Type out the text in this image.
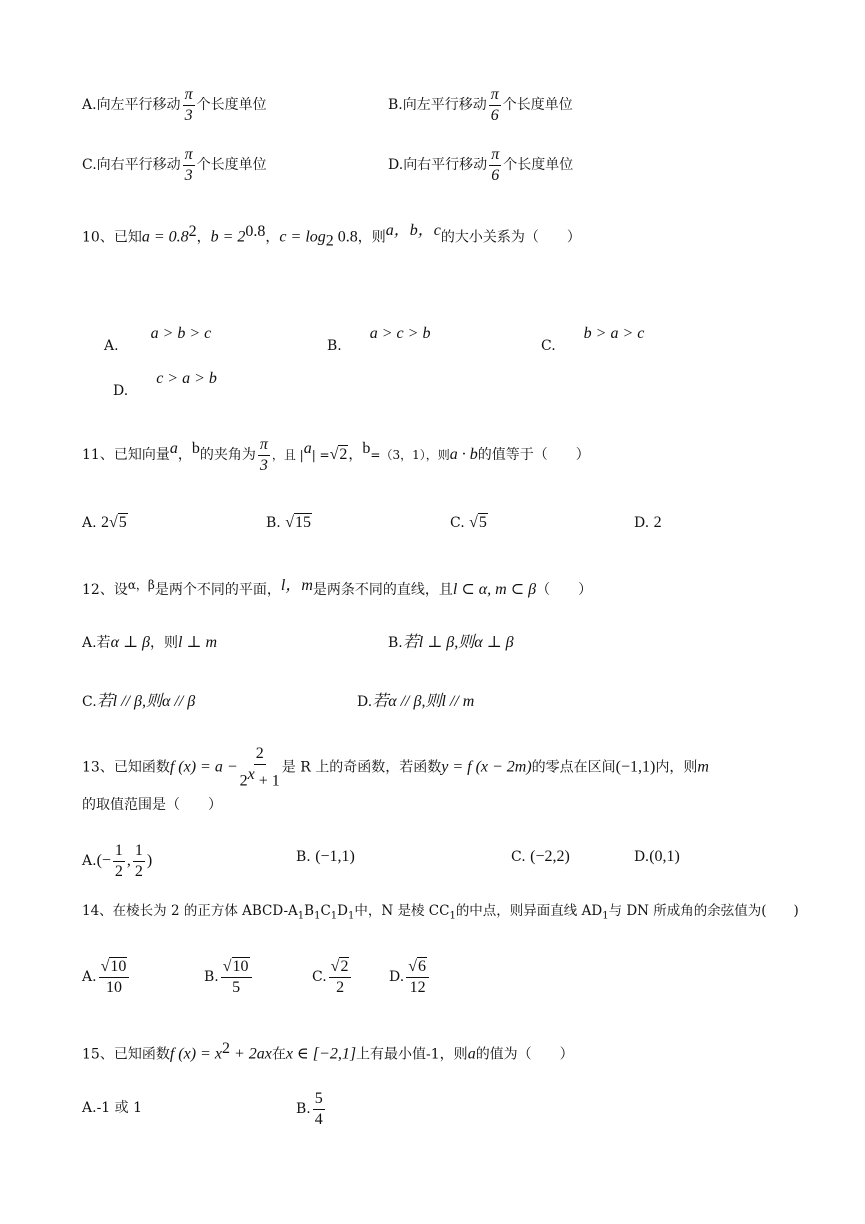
A.向左平行移动 $\frac{\pi}{3}$ 个长度单位	B.向左平行移动 $\frac{\pi}{6}$ 个长度单位
C.向右平行移动 $\frac{\pi}{3}$ 个长度单位	D.向右平行移动 $\frac{\pi}{6}$ 个长度单位
10、已知$a = 0.8^2$，$b = 2^{0.8}$，$c = \log_2 0.8$，则a，b，c的大小关系为（　　）
A.a > b > c
B.a > c > b
C.b > a > c
D.c > a > b
11、已知向量a，b的夹角为 $\frac{\pi}{3}$ ，且 |a| =√2，b=（3，1），则a · b的值等于（　　）
A. 2√5	B. √15	C. √5	D. 2
12、设α，β是两个不同的平面，l，m是两条不同的直线，且l ⊂ α, m ⊂ β（　　）
A.若α ⊥ β，则l ⊥ m	B.若l ⊥ β,则α ⊥ β
C.若l // β,则α // β	D.若α // β,则l // m
13、已知函数f $(x) = a - \frac{2}{2^x + 1}$ 是 R 上的奇函数，若函数y = f (x − 2m)的零点在区间(−1,1)内，则m
的取值范围是（　　）
$A.(- \frac{1}{2}$ , $\frac{1}{2}$ )	B. (−1,1)	C. (−2,2)	D.(0,1)
14、在棱长为 2 的正方体 ABCD-$A_1B_1C_1D_1$中，N 是棱 $CC_1$的中点，则异面直线 $AD_1$与 DN 所成角的余弦值为(　　)
A. $\frac{√10}{10}$	B. $\frac{√10}{5}$	C. $\frac{√2}{2}$	D. $\frac{√6}{12}$
15、已知函数f $(x) = x^2 + 2ax$在x ∈ [−2,1]上有最小值-1，则a的值为（　　）
A.-1 或 1	B. $\frac{5}{4}$
